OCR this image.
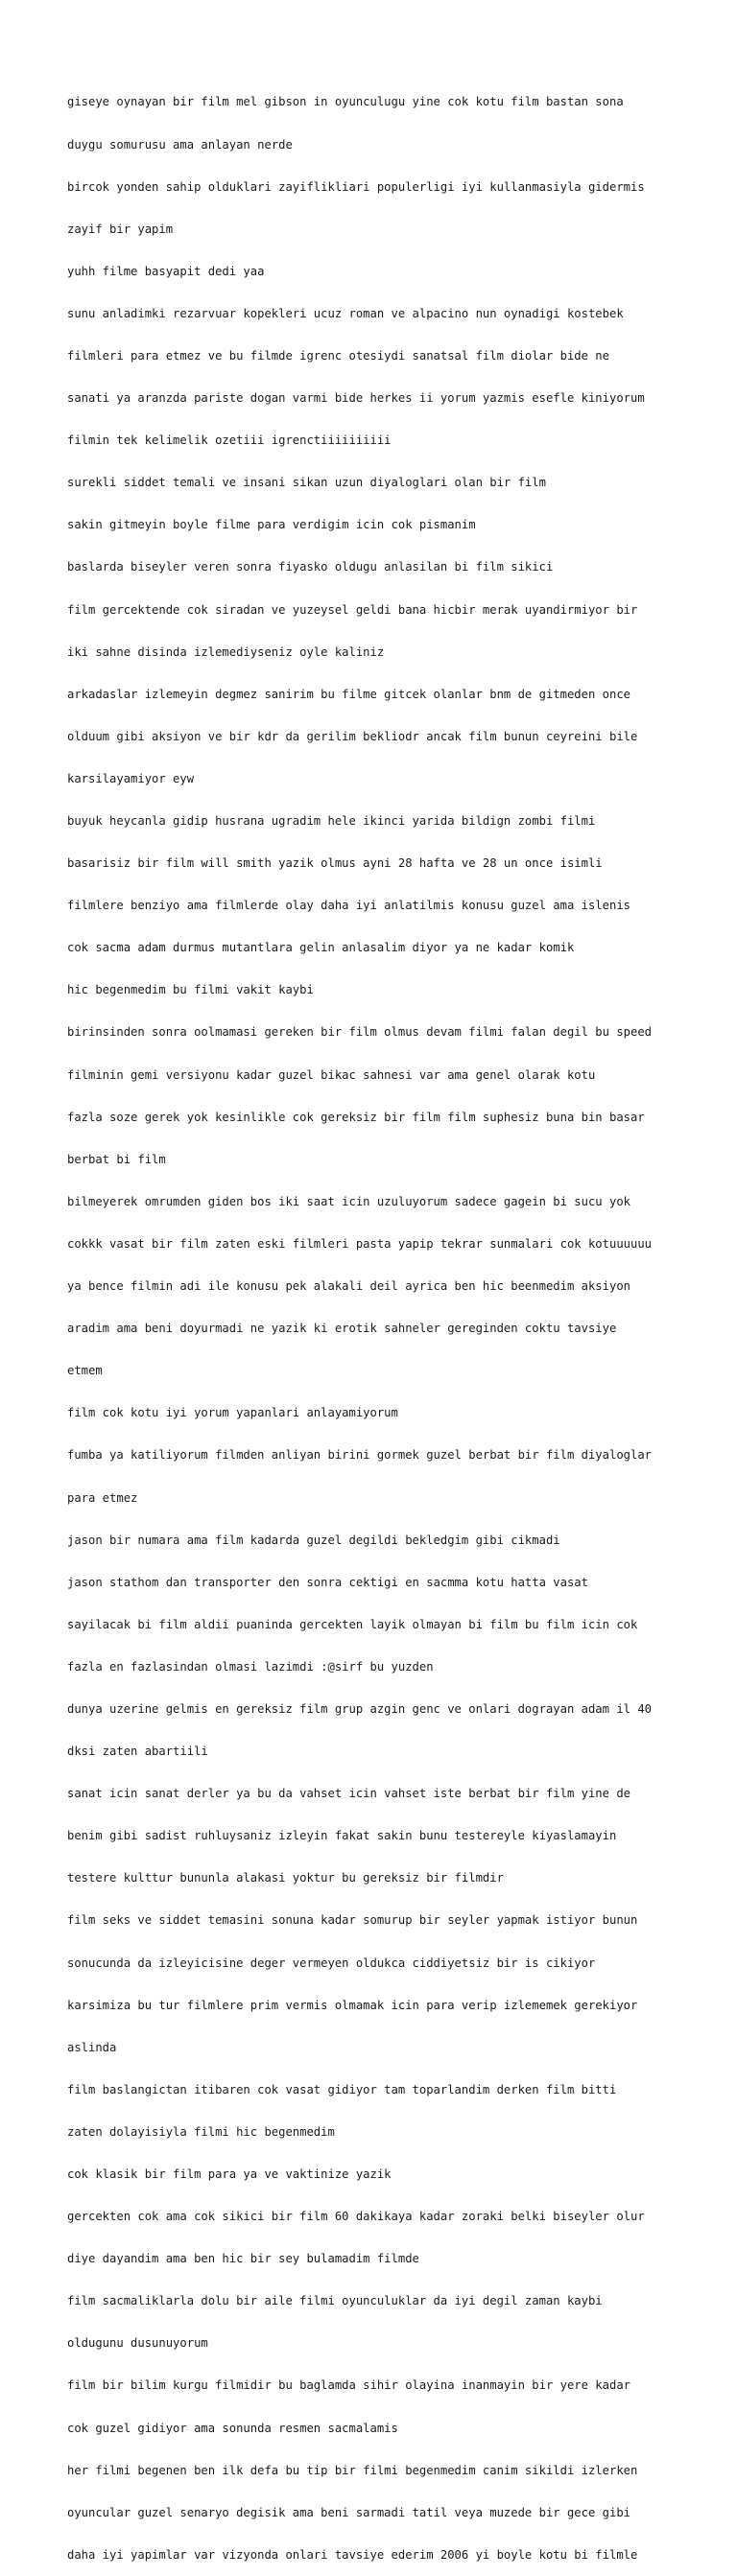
giseye oynayan bir film mel gibson in oyunculugu yine cok kotu film bastan sona

duygu somurusu ama anlayan nerde

bircok yonden sahip olduklari zayiflikliari populerligi iyi kullanmasiyla gidermis

zayif bir yapim

yuhh filme basyapit dedi yaa

sunu anladimki rezarvuar kopekleri ucuz roman ve alpacino nun oynadigi kostebek

filmleri para etmez ve bu filmde igrenc otesiydi sanatsal film diolar bide ne

sanati ya aranzda pariste dogan varmi bide herkes ii yorum yazmis esefle kiniyorum

filmin tek kelimelik ozetiii igrenctiiiiiiiiii

surekli siddet temali ve insani sikan uzun diyaloglari olan bir film

sakin gitmeyin boyle filme para verdigim icin cok pismanim

baslarda biseyler veren sonra fiyasko oldugu anlasilan bi film sikici

film gercektende cok siradan ve yuzeysel geldi bana hicbir merak uyandirmiyor bir

iki sahne disinda izlemediyseniz oyle kaliniz

arkadaslar izlemeyin degmez sanirim bu filme gitcek olanlar bnm de gitmeden once

olduum gibi aksiyon ve bir kdr da gerilim bekliodr ancak film bunun ceyreini bile

karsilayamiyor eyw

buyuk heycanla gidip husrana ugradim hele ikinci yarida bildign zombi filmi

basarisiz bir film will smith yazik olmus ayni 28 hafta ve 28 un once isimli

filmlere benziyo ama filmlerde olay daha iyi anlatilmis konusu guzel ama islenis

cok sacma adam durmus mutantlara gelin anlasalim diyor ya ne kadar komik

hic begenmedim bu filmi vakit kaybi

birinsinden sonra oolmamasi gereken bir film olmus devam filmi falan degil bu speed

filminin gemi versiyonu kadar guzel bikac sahnesi var ama genel olarak kotu

fazla soze gerek yok kesinlikle cok gereksiz bir film film suphesiz buna bin basar

berbat bi film

bilmeyerek omrumden giden bos iki saat icin uzuluyorum sadece gagein bi sucu yok

cokkk vasat bir film zaten eski filmleri pasta yapip tekrar sunmalari cok kotuuuuuu

ya bence filmin adi ile konusu pek alakali deil ayrica ben hic beenmedim aksiyon

aradim ama beni doyurmadi ne yazik ki erotik sahneler gereginden coktu tavsiye

etmem

film cok kotu iyi yorum yapanlari anlayamiyorum

fumba ya katiliyorum filmden anliyan birini gormek guzel berbat bir film diyaloglar

para etmez

jason bir numara ama film kadarda guzel degildi bekledgim gibi cikmadi

jason stathom dan transporter den sonra cektigi en sacmma kotu hatta vasat

sayilacak bi film aldii puaninda gercekten layik olmayan bi film bu film icin cok

fazla en fazlasindan olmasi lazimdi :@sirf bu yuzden

dunya uzerine gelmis en gereksiz film grup azgin genc ve onlari dograyan adam il 40

dksi zaten abartiili

sanat icin sanat derler ya bu da vahset icin vahset iste berbat bir film yine de

benim gibi sadist ruhluysaniz izleyin fakat sakin bunu testereyle kiyaslamayin

testere kulttur bununla alakasi yoktur bu gereksiz bir filmdir

film seks ve siddet temasini sonuna kadar somurup bir seyler yapmak istiyor bunun

sonucunda da izleyicisine deger vermeyen oldukca ciddiyetsiz bir is cikiyor

karsimiza bu tur filmlere prim vermis olmamak icin para verip izlememek gerekiyor

aslinda

film baslangictan itibaren cok vasat gidiyor tam toparlandim derken film bitti

zaten dolayisiyla filmi hic begenmedim

cok klasik bir film para ya ve vaktinize yazik

gercekten cok ama cok sikici bir film 60 dakikaya kadar zoraki belki biseyler olur

diye dayandim ama ben hic bir sey bulamadim filmde

film sacmaliklarla dolu bir aile filmi oyunculuklar da iyi degil zaman kaybi

oldugunu dusunuyorum

film bir bilim kurgu filmidir bu baglamda sihir olayina inanmayin bir yere kadar

cok guzel gidiyor ama sonunda resmen sacmalamis

her filmi begenen ben ilk defa bu tip bir filmi begenmedim canim sikildi izlerken

oyuncular guzel senaryo degisik ama beni sarmadi tatil veya muzede bir gece gibi

daha iyi yapimlar var vizyonda onlari tavsiye ederim 2006 yi boyle kotu bi filmle
